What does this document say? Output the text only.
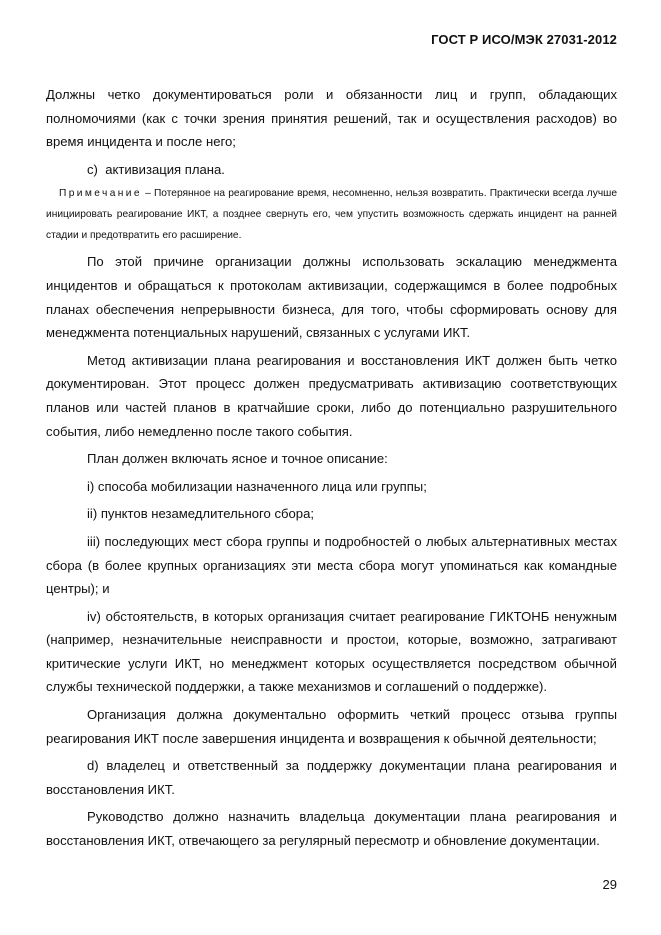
ГОСТ Р ИСО/МЭК 27031-2012

Должны четко документироваться роли и обязанности лиц и групп, обладающих полномочиями (как с точки зрения принятия решений, так и осуществления расходов) во время инцидента и после него;

с) активизация плана.

Примечание – Потерянное на реагирование время, несомненно, нельзя возвратить. Практически всегда лучше инициировать реагирование ИКТ, а позднее свернуть его, чем упустить возможность сдержать инцидент на ранней стадии и предотвратить его расширение.

По этой причине организации должны использовать эскалацию менеджмента инцидентов и обращаться к протоколам активизации, содержащимся в более подробных планах обеспечения непрерывности бизнеса, для того, чтобы сформировать основу для менеджмента потенциальных нарушений, связанных с услугами ИКТ.

Метод активизации плана реагирования и восстановления ИКТ должен быть четко документирован. Этот процесс должен предусматривать активизацию соответствующих планов или частей планов в кратчайшие сроки, либо до потенциально разрушительного события, либо немедленно после такого события.

План должен включать ясное и точное описание:

i) способа мобилизации назначенного лица или группы;

ii) пунктов незамедлительного сбора;

iii) последующих мест сбора группы и подробностей о любых альтернативных местах сбора (в более крупных организациях эти места сбора могут упоминаться как командные центры); и

iv) обстоятельств, в которых организация считает реагирование ГИКТОНБ ненужным (например, незначительные неисправности и простои, которые, возможно, затрагивают критические услуги ИКТ, но менеджмент которых осуществляется посредством обычной службы технической поддержки, а также механизмов и соглашений о поддержке).

Организация должна документально оформить четкий процесс отзыва группы реагирования ИКТ после завершения инцидента и возвращения к обычной деятельности;

d) владелец и ответственный за поддержку документации плана реагирования и восстановления ИКТ.

Руководство должно назначить владельца документации плана реагирования и восстановления ИКТ, отвечающего за регулярный пересмотр и обновление документации.

29
